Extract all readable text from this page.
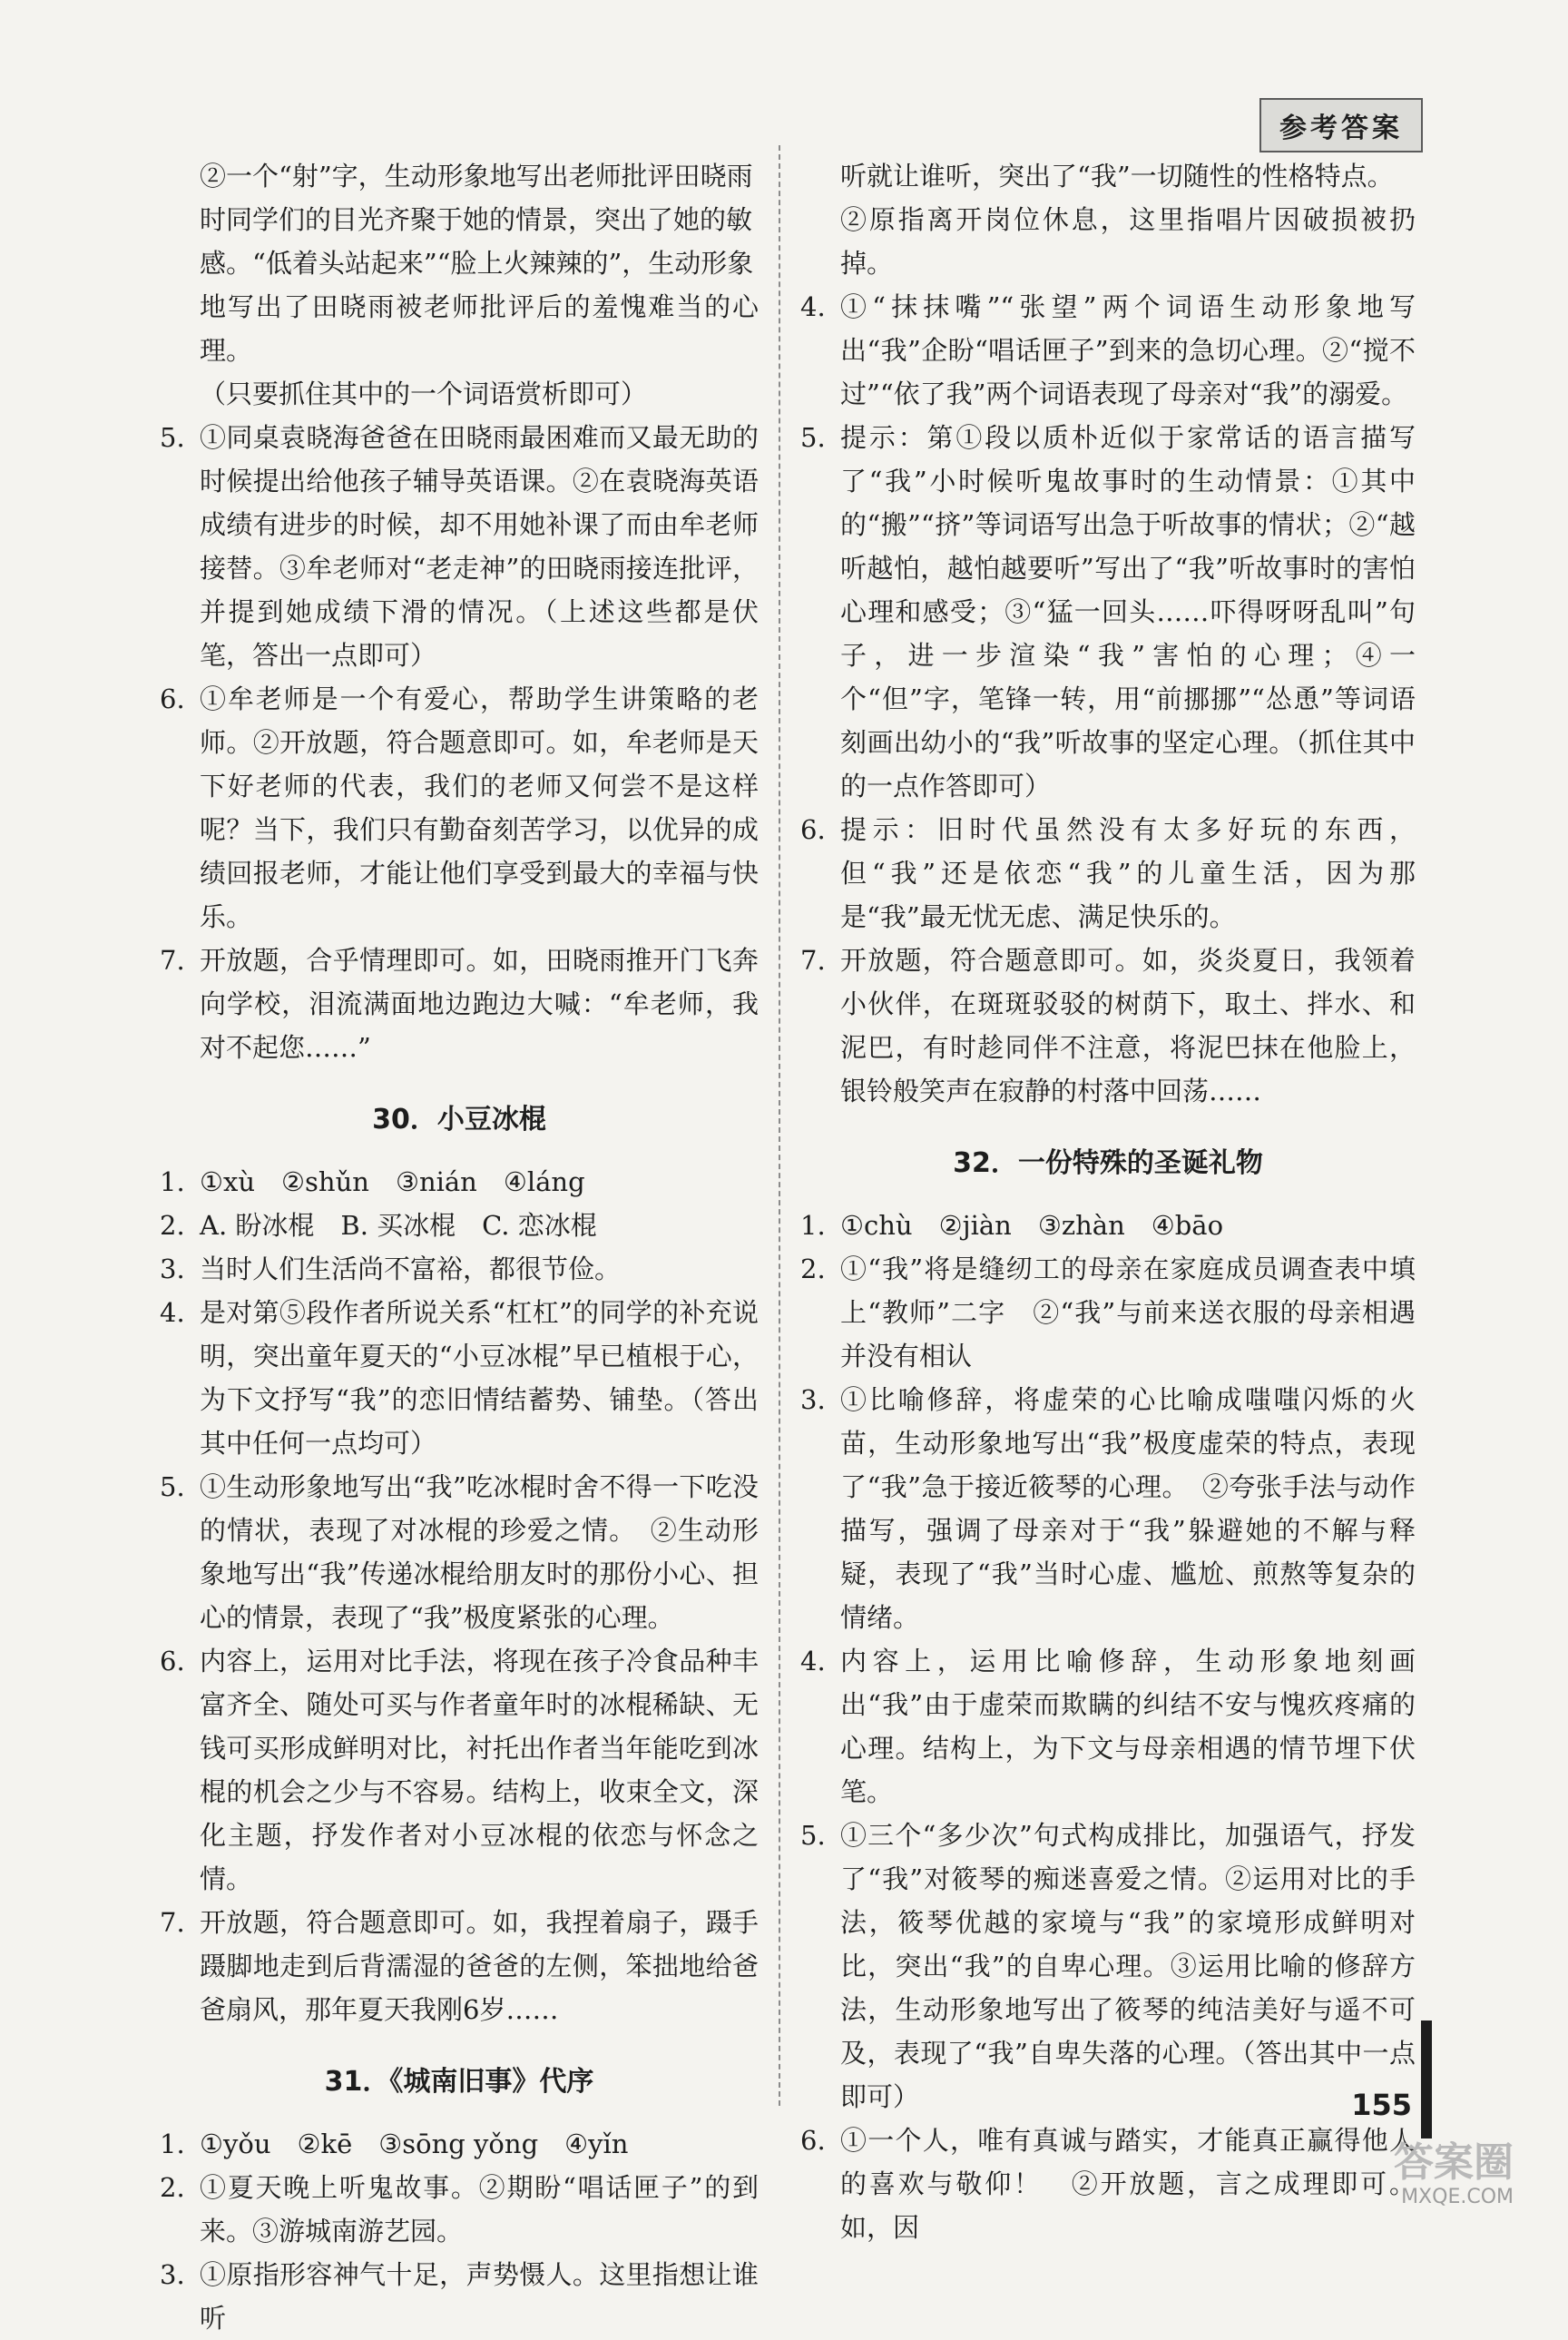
参考答案

②一个“射”字，生动形象地写出老师批评田晓雨

时同学们的目光齐聚于她的情景，突出了她的敏

感。“低着头站起来”“脸上火辣辣的”，生动形象

地写出了田晓雨被老师批评后的羞愧难当的心理。

（只要抓住其中的一个词语赏析即可）

5. ①同桌袁晓海爸爸在田晓雨最困难而又最无助的时候提出给他孩子辅导英语课。②在袁晓海英语成绩有进步的时候，却不用她补课了而由牟老师接替。③牟老师对“老走神”的田晓雨接连批评，并提到她成绩下滑的情况。（上述这些都是伏笔，答出一点即可）
6. ①牟老师是一个有爱心，帮助学生讲策略的老师。②开放题，符合题意即可。如，牟老师是天下好老师的代表，我们的老师又何尝不是这样呢？当下，我们只有勤奋刻苦学习，以优异的成绩回报老师，才能让他们享受到最大的幸福与快乐。
7. 开放题，合乎情理即可。如，田晓雨推开门飞奔向学校，泪流满面地边跑边大喊：“牟老师，我对不起您……”
30．小豆冰棍
1. ①xù　②shǔn　③nián　④láng
2. A. 盼冰棍　B. 买冰棍　C. 恋冰棍
3. 当时人们生活尚不富裕，都很节俭。
4. 是对第⑤段作者所说关系“杠杠”的同学的补充说明，突出童年夏天的“小豆冰棍”早已植根于心，为下文抒写“我”的恋旧情结蓄势、铺垫。（答出其中任何一点均可）
5. ①生动形象地写出“我”吃冰棍时舍不得一下吃没的情状，表现了对冰棍的珍爱之情。　②生动形象地写出“我”传递冰棍给朋友时的那份小心、担心的情景，表现了“我”极度紧张的心理。
6. 内容上，运用对比手法，将现在孩子冷食品种丰富齐全、随处可买与作者童年时的冰棍稀缺、无钱可买形成鲜明对比，衬托出作者当年能吃到冰棍的机会之少与不容易。结构上，收束全文，深化主题，抒发作者对小豆冰棍的依恋与怀念之情。
7. 开放题，符合题意即可。如，我捏着扇子，蹑手蹑脚地走到后背濡湿的爸爸的左侧，笨拙地给爸爸扇风，那年夏天我刚6岁……
31．《城南旧事》代序
1. ①yǒu　②kē　③sōng yǒng　④yǐn
2. ①夏天晚上听鬼故事。②期盼“唱话匣子”的到来。③游城南游艺园。
3. ①原指形容神气十足，声势慑人。这里指想让谁听

听就让谁听，突出了“我”一切随性的性格特点。

②原指离开岗位休息，这里指唱片因破损被扔掉。

4. ①“抹抹嘴”“张望”两个词语生动形象地写出“我”企盼“唱话匣子”到来的急切心理。②“搅不过”“依了我”两个词语表现了母亲对“我”的溺爱。
5. 提示：第①段以质朴近似于家常话的语言描写了“我”小时候听鬼故事时的生动情景：①其中的“搬”“挤”等词语写出急于听故事的情状；②“越听越怕，越怕越要听”写出了“我”听故事时的害怕心理和感受；③“猛一回头……吓得呀呀乱叫”句子，进一步渲染“我”害怕的心理；④一个“但”字，笔锋一转，用“前挪挪”“怂恿”等词语刻画出幼小的“我”听故事的坚定心理。（抓住其中的一点作答即可）
6. 提示：旧时代虽然没有太多好玩的东西，但“我”还是依恋“我”的儿童生活，因为那是“我”最无忧无虑、满足快乐的。
7. 开放题，符合题意即可。如，炎炎夏日，我领着小伙伴，在斑斑驳驳的树荫下，取土、拌水、和泥巴，有时趁同伴不注意，将泥巴抹在他脸上，银铃般笑声在寂静的村落中回荡……
32．一份特殊的圣诞礼物
1. ①chù　②jiàn　③zhàn　④bāo
2. ①“我”将是缝纫工的母亲在家庭成员调查表中填上“教师”二字　②“我”与前来送衣服的母亲相遇并没有相认
3. ①比喻修辞，将虚荣的心比喻成嗤嗤闪烁的火苗，生动形象地写出“我”极度虚荣的特点，表现了“我”急于接近筱琴的心理。　②夸张手法与动作描写，强调了母亲对于“我”躲避她的不解与释疑，表现了“我”当时心虚、尴尬、煎熬等复杂的情绪。
4. 内容上，运用比喻修辞，生动形象地刻画出“我”由于虚荣而欺瞒的纠结不安与愧疚疼痛的心理。结构上，为下文与母亲相遇的情节埋下伏笔。
5. ①三个“多少次”句式构成排比，加强语气，抒发了“我”对筱琴的痴迷喜爱之情。②运用对比的手法，筱琴优越的家境与“我”的家境形成鲜明对比，突出“我”的自卑心理。③运用比喻的修辞方法，生动形象地写出了筱琴的纯洁美好与遥不可及，表现了“我”自卑失落的心理。（答出其中一点即可）
6. ①一个人，唯有真诚与踏实，才能真正赢得他人的喜欢与敬仰！　②开放题，言之成理即可。如，因
155
答案圈
MXQE.COM
